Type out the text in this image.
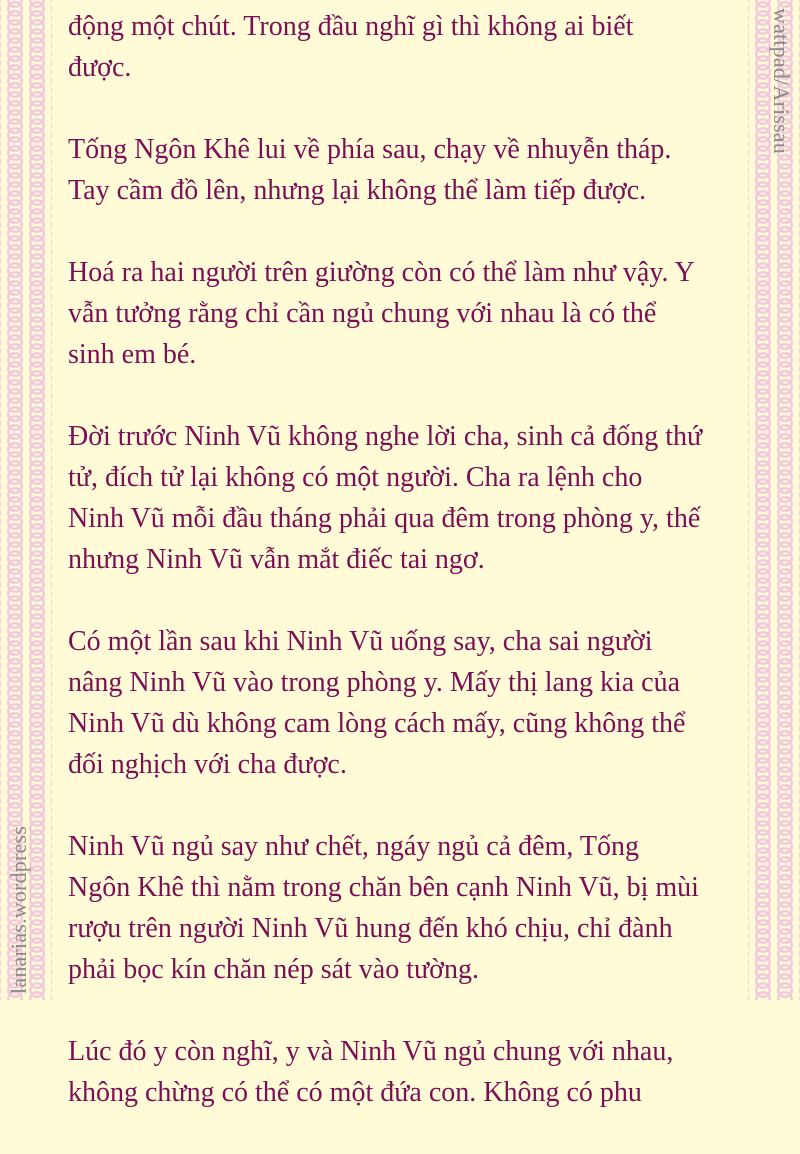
wattpad/Arissau
lanarias.wordpress

động một chút. Trong đầu nghĩ gì thì không ai biết
được.

Tống Ngôn Khê lui về phía sau, chạy về nhuyễn tháp.
Tay cầm đồ lên, nhưng lại không thể làm tiếp được.

Hoá ra hai người trên giường còn có thể làm như vậy. Y
vẫn tưởng rằng chỉ cần ngủ chung với nhau là có thể
sinh em bé.

Đời trước Ninh Vũ không nghe lời cha, sinh cả đống thứ
tử, đích tử lại không có một người. Cha ra lệnh cho
Ninh Vũ mỗi đầu tháng phải qua đêm trong phòng y, thế
nhưng Ninh Vũ vẫn mắt điếc tai ngơ.

Có một lần sau khi Ninh Vũ uống say, cha sai người
nâng Ninh Vũ vào trong phòng y. Mấy thị lang kia của
Ninh Vũ dù không cam lòng cách mấy, cũng không thể
đối nghịch với cha được.

Ninh Vũ ngủ say như chết, ngáy ngủ cả đêm, Tống
Ngôn Khê thì nằm trong chăn bên cạnh Ninh Vũ, bị mùi
rượu trên người Ninh Vũ hung đến khó chịu, chỉ đành
phải bọc kín chăn nép sát vào tường.

Lúc đó y còn nghĩ, y và Ninh Vũ ngủ chung với nhau,
không chừng có thể có một đứa con. Không có phu
